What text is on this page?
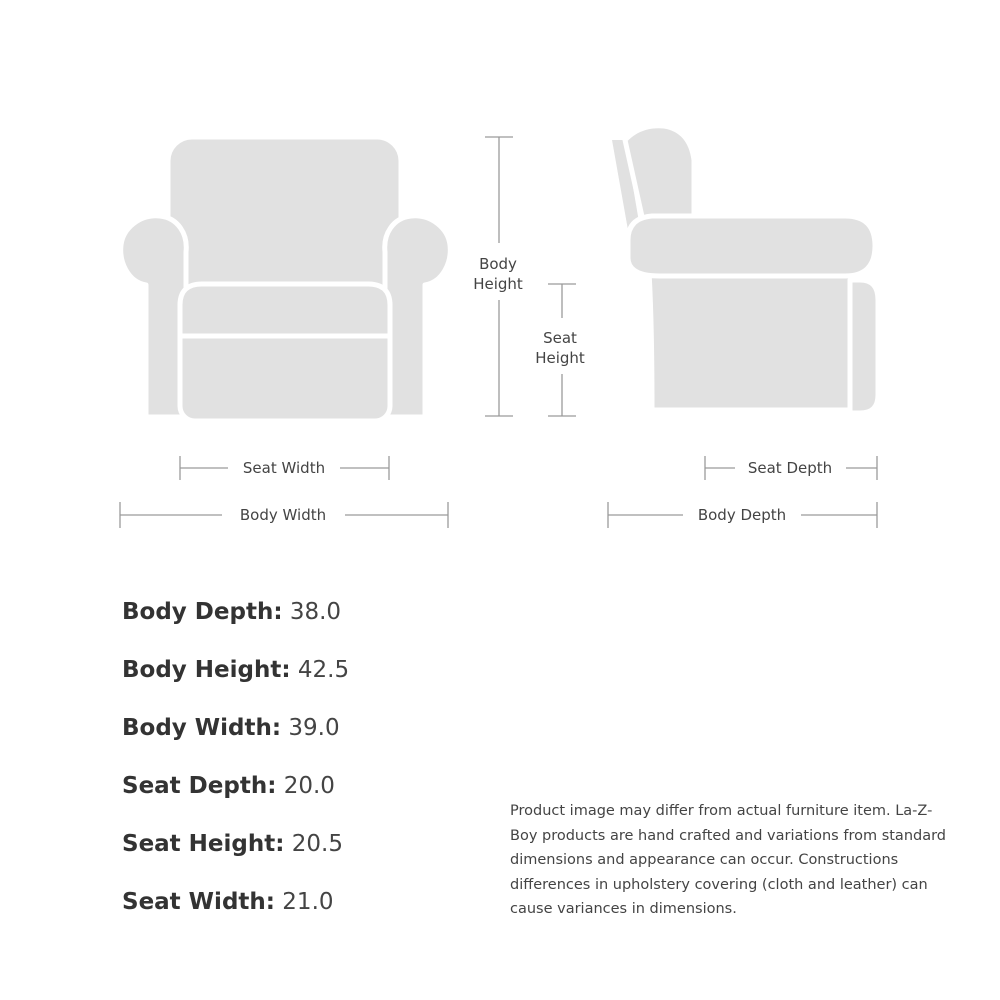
Body
Height
Seat
Height
Seat Width
Body Width
Seat Depth
Body Depth
Body Depth: 38.0
Body Height: 42.5
Body Width: 39.0
Seat Depth: 20.0
Seat Height: 20.5
Seat Width: 21.0

Product image may differ from actual furniture item. La-Z-Boy products are hand crafted and variations from standard dimensions and appearance can occur. Constructions differences in upholstery covering (cloth and leather) can cause variances in dimensions.
